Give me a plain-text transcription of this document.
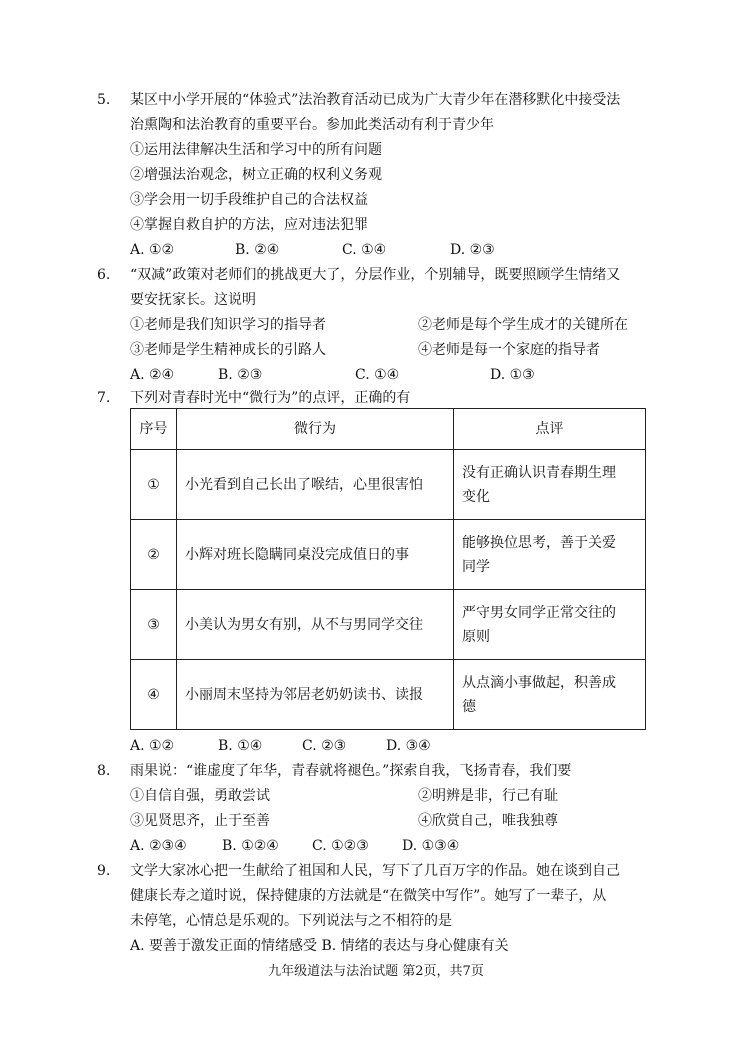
5. 某区中小学开展的“体验式”法治教育活动已成为广大青少年在潜移默化中接受法
治熏陶和法治教育的重要平台。参加此类活动有利于青少年
①运用法律解决生活和学习中的所有问题
②增强法治观念，树立正确的权利义务观
③学会用一切手段维护自己的合法权益
④掌握自救自护的方法，应对违法犯罪
A. ①②	B. ②④	C. ①④	D. ②③
6. “双减”政策对老师们的挑战更大了，分层作业，个别辅导，既要照顾学生情绪又
要安抚家长。这说明
①老师是我们知识学习的指导者	②老师是每个学生成才的关键所在
③老师是学生精神成长的引路人	④老师是每一个家庭的指导者
A. ②④	B. ②③	C. ①④	D. ①③
7. 下列对青春时光中“微行为”的点评，正确的有
序号	微行为	点评
①	小光看到自己长出了喉结，心里很害怕	没有正确认识青春期生理
变化
②	小辉对班长隐瞒同桌没完成值日的事	能够换位思考，善于关爱
同学
③	小美认为男女有别，从不与男同学交往	严守男女同学正常交往的
原则
④	小丽周末坚持为邻居老奶奶读书、读报	从点滴小事做起，积善成
德
A. ①②	B. ①④	C. ②③	D. ③④
8. 雨果说：“谁虚度了年华，青春就将褪色。”探索自我，飞扬青春，我们要
①自信自强，勇敢尝试	②明辨是非，行己有耻
③见贤思齐，止于至善	④欣赏自己，唯我独尊
A. ②③④	B. ①②④ C. ①②③ D. ①③④
9. 文学大家冰心把一生献给了祖国和人民，写下了几百万字的作品。她在谈到自己
健康长寿之道时说，保持健康的方法就是“在微笑中写作”。她写了一辈子，从
未停笔，心情总是乐观的。下列说法与之不相符的是
A. 要善于激发正面的情绪感受 B. 情绪的表达与身心健康有关
九年级道法与法治试题 第2页，共7页
